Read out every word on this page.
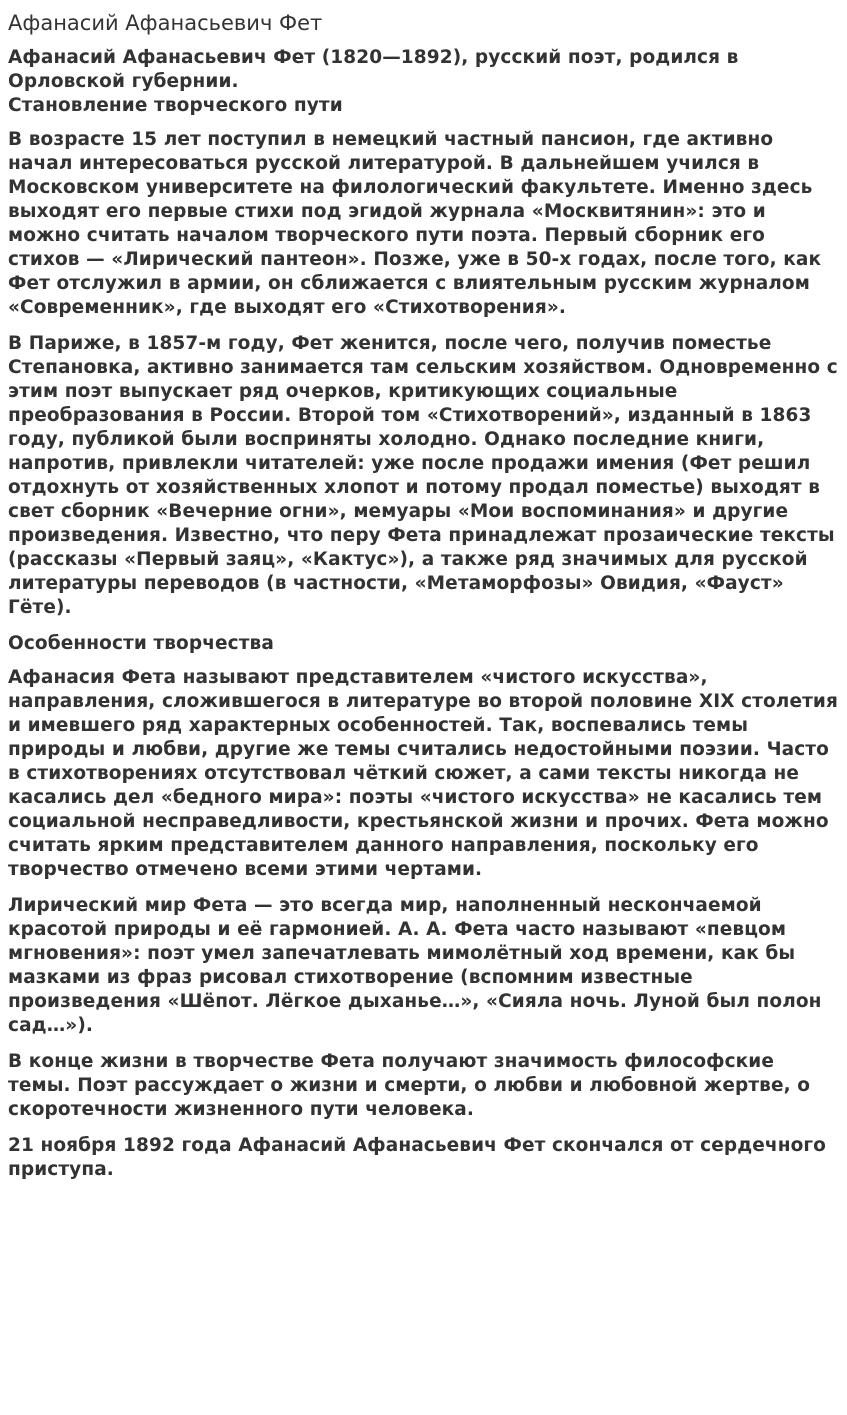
Афанасий Афанасьевич Фет

Афанасий Афанасьевич Фет (1820—1892), русский поэт, родился в Орловской губернии.

Становление творческого пути

В возрасте 15 лет поступил в немецкий частный пансион, где активно начал интересоваться русской литературой. В дальнейшем учился в Московском университете на филологический факультете. Именно здесь выходят его первые стихи под эгидой журнала «Москвитянин»: это и можно считать началом творческого пути поэта. Первый сборник его стихов — «Лирический пантеон». Позже, уже в 50-х годах, после того, как Фет отслужил в армии, он сближается с влиятельным русским журналом «Современник», где выходят его «Стихотворения».

В Париже, в 1857-м году, Фет женится, после чего, получив поместье Степановка, активно занимается там сельским хозяйством. Одновременно с этим поэт выпускает ряд очерков, критикующих социальные преобразования в России. Второй том «Стихотворений», изданный в 1863 году, публикой были восприняты холодно. Однако последние книги, напротив, привлекли читателей: уже после продажи имения (Фет решил отдохнуть от хозяйственных хлопот и потому продал поместье) выходят в свет сборник «Вечерние огни», мемуары «Мои воспоминания» и другие произведения. Известно, что перу Фета принадлежат прозаические тексты (рассказы «Первый заяц», «Кактус»), а также ряд значимых для русской литературы переводов (в частности, «Метаморфозы» Овидия, «Фауст» Гёте).

Особенности творчества

Афанасия Фета называют представителем «чистого искусства», направления, сложившегося в литературе во второй половине XIX столетия и имевшего ряд характерных особенностей. Так, воспевались темы природы и любви, другие же темы считались недостойными поэзии. Часто в стихотворениях отсутствовал чёткий сюжет, а сами тексты никогда не касались дел «бедного мира»: поэты «чистого искусства» не касались тем социальной несправедливости, крестьянской жизни и прочих. Фета можно считать ярким представителем данного направления, поскольку его творчество отмечено всеми этими чертами.

Лирический мир Фета — это всегда мир, наполненный нескончаемой красотой природы и её гармонией. А. А. Фета часто называют «певцом мгновения»: поэт умел запечатлевать мимолётный ход времени, как бы мазками из фраз рисовал стихотворение (вспомним известные произведения «Шёпот. Лёгкое дыханье…», «Сияла ночь. Луной был полон сад…»).

В конце жизни в творчестве Фета получают значимость философские темы. Поэт рассуждает о жизни и смерти, о любви и любовной жертве, о скоротечности жизненного пути человека.

21 ноября 1892 года Афанасий Афанасьевич Фет скончался от сердечного приступа.
